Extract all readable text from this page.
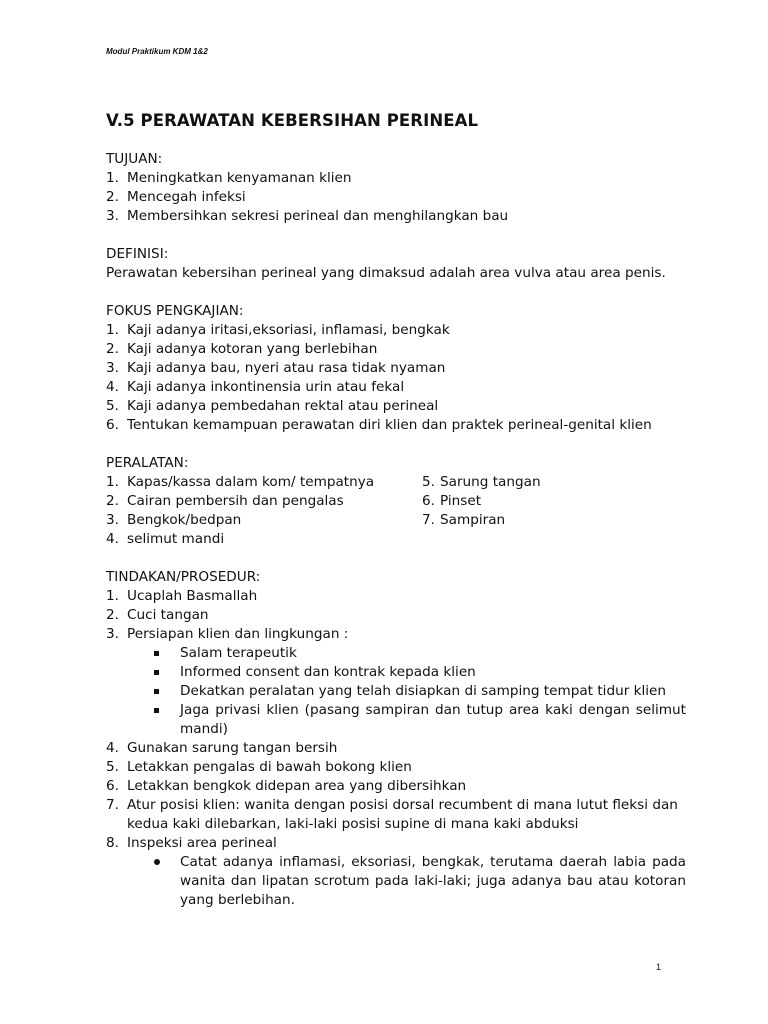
Modul Praktikum KDM 1&2
V.5 PERAWATAN KEBERSIHAN PERINEAL
TUJUAN:
1. Meningkatkan kenyamanan klien
2. Mencegah infeksi
3. Membersihkan sekresi perineal dan menghilangkan bau
DEFINISI:
Perawatan kebersihan perineal yang dimaksud adalah area vulva atau area penis.
FOKUS PENGKAJIAN:
1. Kaji adanya iritasi,eksoriasi, inflamasi, bengkak
2. Kaji adanya kotoran yang berlebihan
3. Kaji adanya bau, nyeri atau rasa tidak nyaman
4. Kaji adanya inkontinensia urin atau fekal
5. Kaji adanya pembedahan rektal atau perineal
6. Tentukan kemampuan perawatan diri klien dan praktek perineal-genital klien
PERALATAN:
1. Kapas/kassa dalam kom/ tempatnya
2. Cairan pembersih dan pengalas
3. Bengkok/bedpan
4. selimut mandi
5. Sarung tangan
6. Pinset
7. Sampiran
TINDAKAN/PROSEDUR:
1. Ucaplah Basmallah
2. Cuci tangan
3. Persiapan klien dan lingkungan :
Salam terapeutik
Informed consent dan kontrak kepada klien
Dekatkan peralatan yang telah disiapkan di samping tempat tidur klien
Jaga privasi klien (pasang sampiran dan tutup area kaki dengan selimut mandi)
4. Gunakan sarung tangan bersih
5. Letakkan pengalas di bawah bokong klien
6. Letakkan bengkok didepan area yang dibersihkan
7. Atur posisi klien: wanita dengan posisi dorsal recumbent di mana lutut fleksi dan kedua kaki dilebarkan, laki-laki posisi supine di mana kaki abduksi
8. Inspeksi area perineal
Catat adanya inflamasi, eksoriasi, bengkak, terutama daerah labia pada wanita dan lipatan scrotum pada laki-laki; juga adanya bau atau kotoran yang berlebihan.
1
